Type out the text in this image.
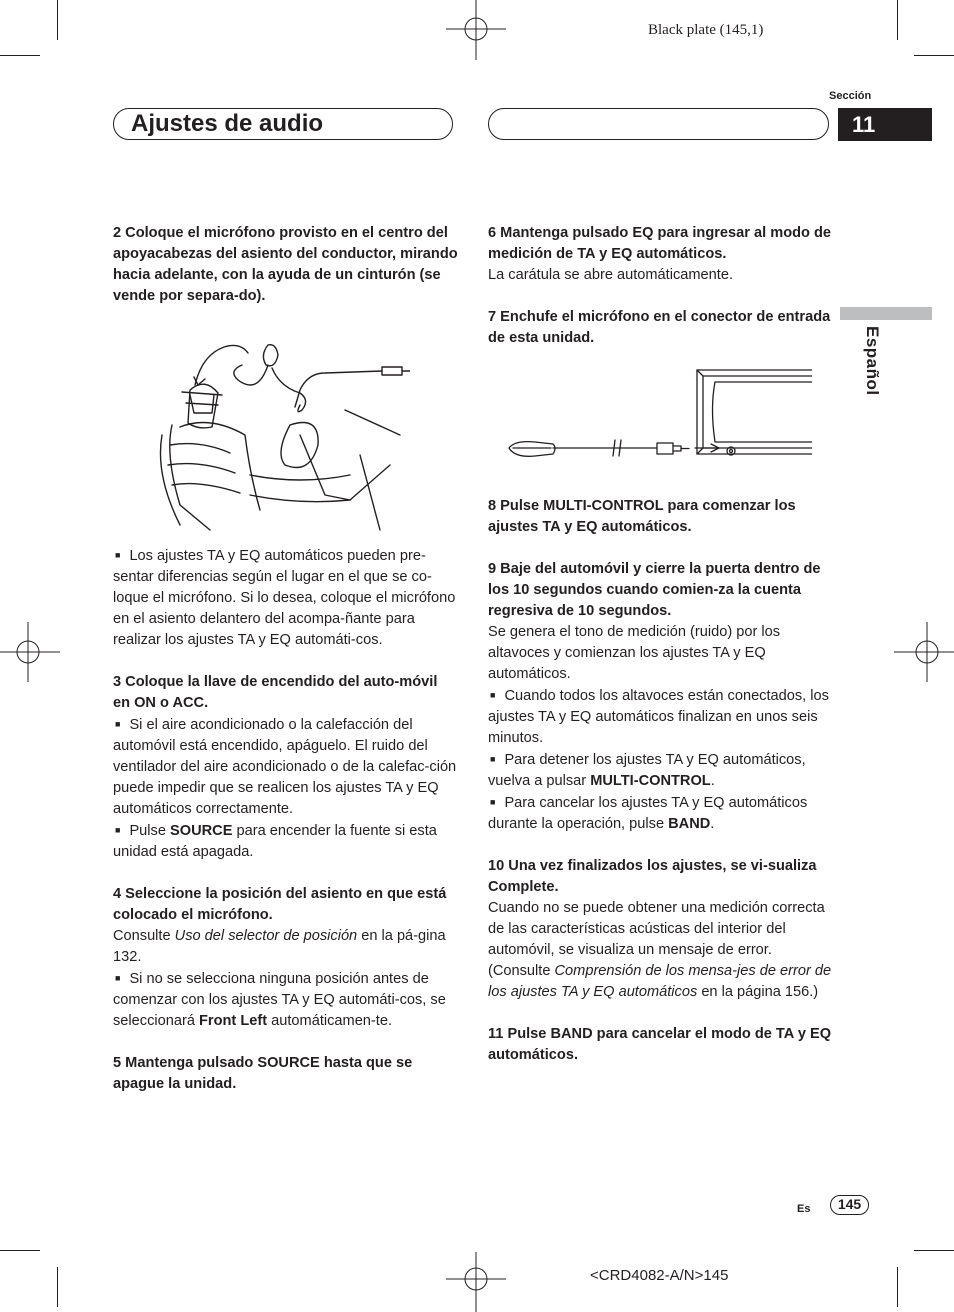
Black plate (145,1)
Ajustes de audio
Sección
11
Español

2 Coloque el micrófono provisto en el centro del apoyacabezas del asiento del conductor, mirando hacia adelante, con la ayuda de un cinturón (se vende por separa-do).

■ Los ajustes TA y EQ automáticos pueden pre-sentar diferencias según el lugar en el que se co-loque el micrófono. Si lo desea, coloque el micrófono en el asiento delantero del acompa-ñante para realizar los ajustes TA y EQ automáti-cos.

3 Coloque la llave de encendido del auto-móvil en ON o ACC.

■ Si el aire acondicionado o la calefacción del automóvil está encendido, apáguelo. El ruido del ventilador del aire acondicionado o de la calefac-ción puede impedir que se realicen los ajustes TA y EQ automáticos correctamente.

■ Pulse SOURCE para encender la fuente si esta unidad está apagada.

4 Seleccione la posición del asiento en que está colocado el micrófono.

Consulte Uso del selector de posición en la pá-gina 132.

■ Si no se selecciona ninguna posición antes de comenzar con los ajustes TA y EQ automáti-cos, se seleccionará Front Left automáticamen-te.

5 Mantenga pulsado SOURCE hasta que se apague la unidad.

6 Mantenga pulsado EQ para ingresar al modo de medición de TA y EQ automáticos.

La carátula se abre automáticamente.

7 Enchufe el micrófono en el conector de entrada de esta unidad.

8 Pulse MULTI-CONTROL para comenzar los ajustes TA y EQ automáticos.

9 Baje del automóvil y cierre la puerta dentro de los 10 segundos cuando comien-za la cuenta regresiva de 10 segundos.

Se genera el tono de medición (ruido) por los altavoces y comienzan los ajustes TA y EQ automáticos.

■ Cuando todos los altavoces están conectados, los ajustes TA y EQ automáticos finalizan en unos seis minutos.

■ Para detener los ajustes TA y EQ automáticos, vuelva a pulsar MULTI-CONTROL.

■ Para cancelar los ajustes TA y EQ automáticos durante la operación, pulse BAND.

10 Una vez finalizados los ajustes, se vi-sualiza Complete.

Cuando no se puede obtener una medición correcta de las características acústicas del interior del automóvil, se visualiza un mensaje de error. (Consulte Comprensión de los mensa-jes de error de los ajustes TA y EQ automáticos en la página 156.)

11 Pulse BAND para cancelar el modo de TA y EQ automáticos.

Es	145
<CRD4082-A/N>145
